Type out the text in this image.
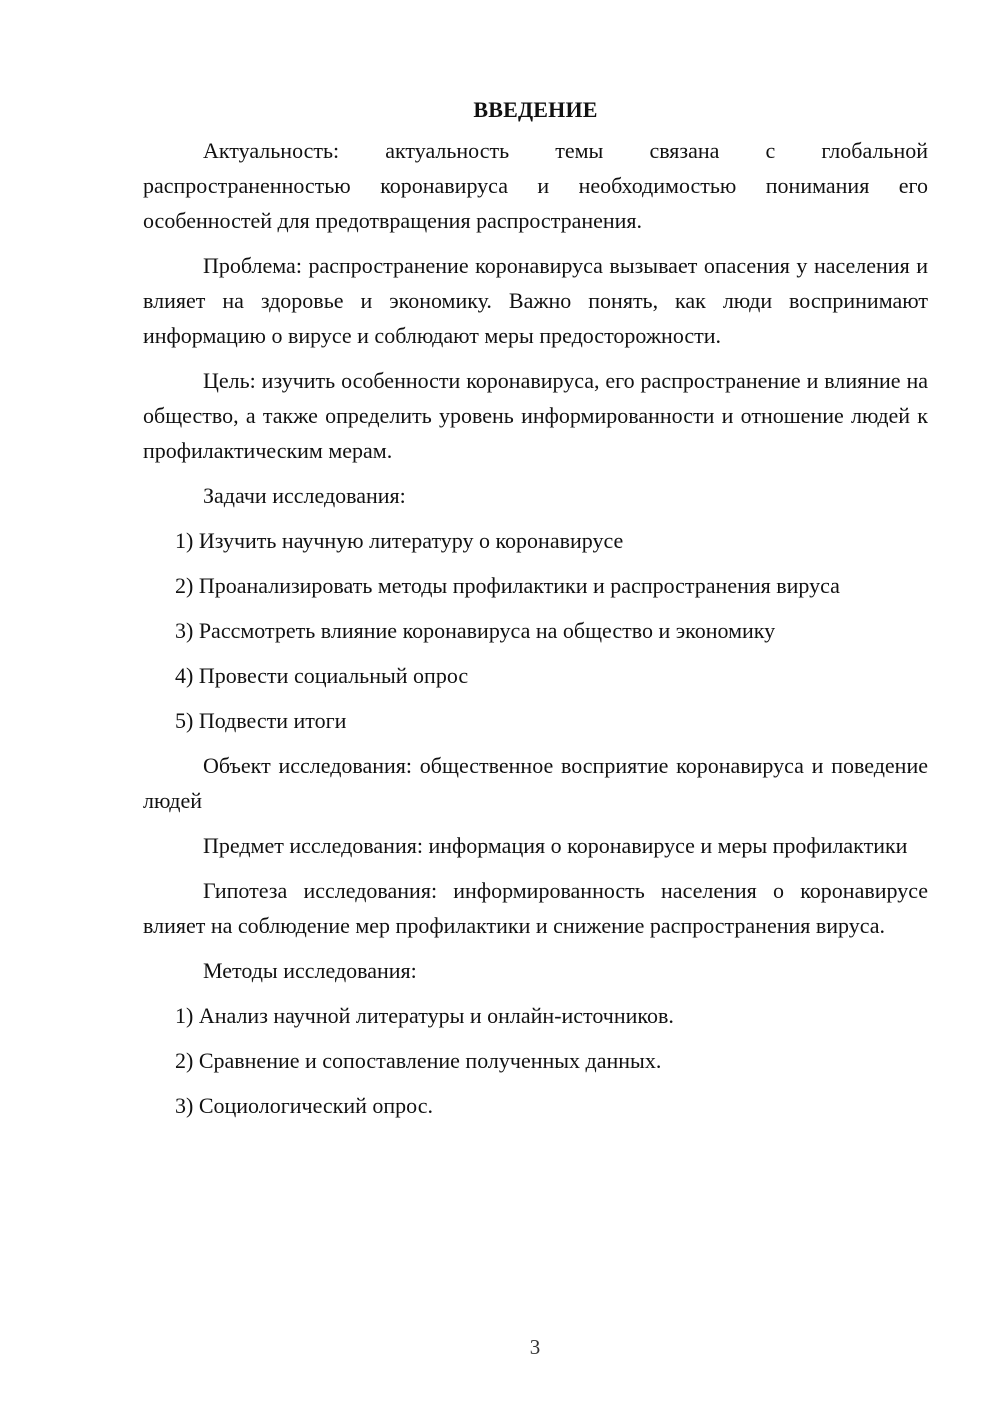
ВВЕДЕНИЕ

Актуальность: актуальность темы связана с глобальной распространенностью коронавируса и необходимостью понимания его особенностей для предотвращения распространения.

Проблема: распространение коронавируса вызывает опасения у населения и влияет на здоровье и экономику. Важно понять, как люди воспринимают информацию о вирусе и соблюдают меры предосторожности.

Цель: изучить особенности коронавируса, его распространение и влияние на общество, а также определить уровень информированности и отношение людей к профилактическим мерам.

Задачи исследования:

1) Изучить научную литературу о коронавирусе

2) Проанализировать методы профилактики и распространения вируса

3) Рассмотреть влияние коронавируса на общество и экономику

4) Провести социальный опрос

5) Подвести итоги

Объект исследования: общественное восприятие коронавируса и поведение людей

Предмет исследования: информация о коронавирусе и меры профилактики

Гипотеза исследования: информированность населения о коронавирусе влияет на соблюдение мер профилактики и снижение распространения вируса.

Методы исследования:

1) Анализ научной литературы и онлайн-источников.

2) Сравнение и сопоставление полученных данных.

3) Социологический опрос.

3
